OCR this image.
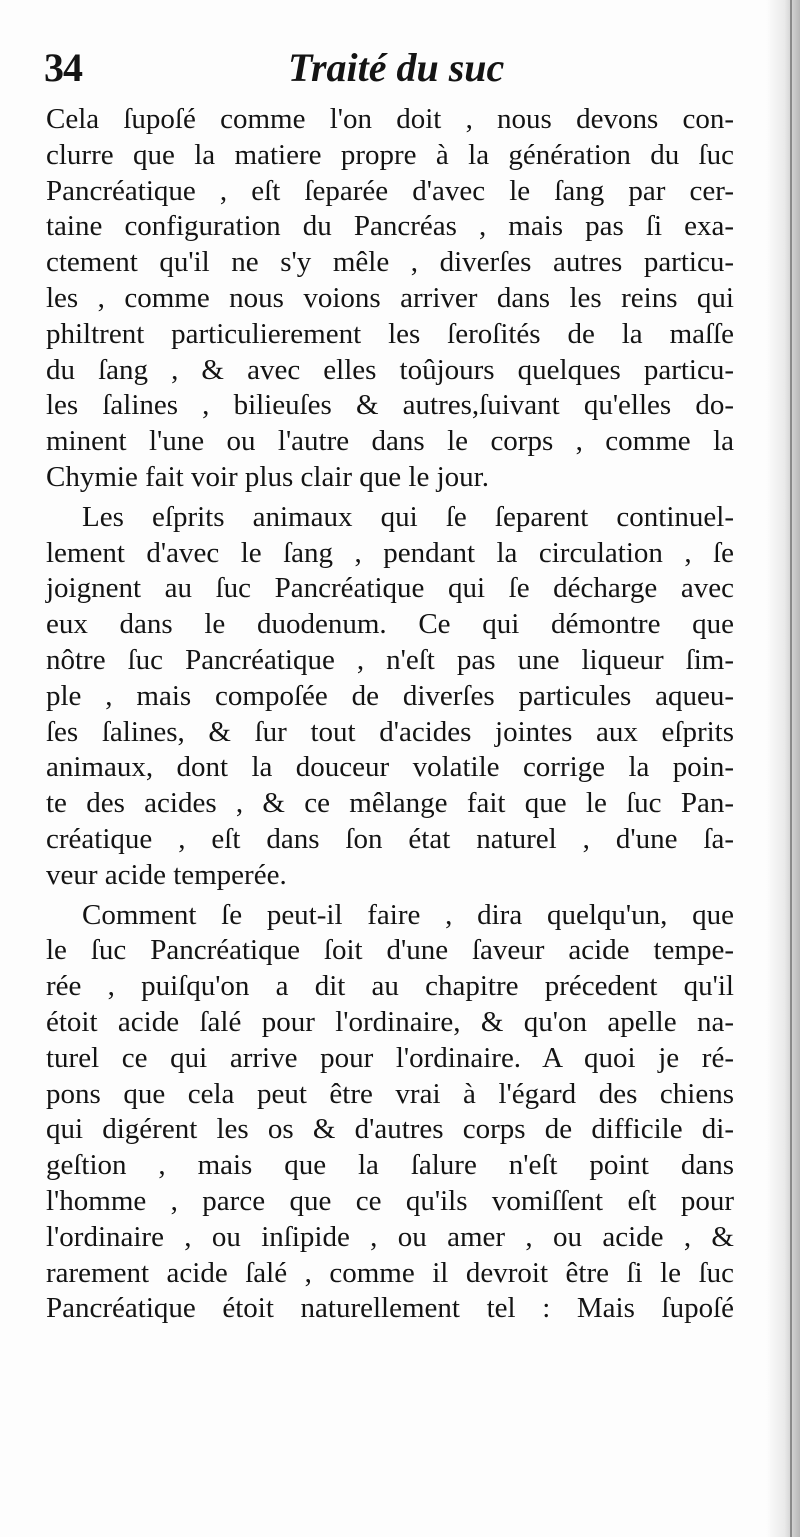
34	Traité du suc
Cela ſupoſé comme l'on doit , nous devons con-
clurre que la matiere propre à la génération du ſuc
Pancréatique , eſt ſeparée d'avec le ſang par cer-
taine configuration du Pancréas , mais pas ſi exa-
ctement qu'il ne s'y mêle , diverſes autres particu-
les , comme nous voions arriver dans les reins qui
philtrent particulierement les ſeroſités de la maſſe
du ſang , & avec elles toûjours quelques particu-
les ſalines , bilieuſes & autres,ſuivant qu'elles do-
minent l'une ou l'autre dans le corps , comme la
Chymie fait voir plus clair que le jour.
Les eſprits animaux qui ſe ſeparent continuel-
lement d'avec le ſang , pendant la circulation , ſe
joignent au ſuc Pancréatique qui ſe décharge avec
eux dans le duodenum. Ce qui démontre que
nôtre ſuc Pancréatique , n'eſt pas une liqueur ſim-
ple , mais compoſée de diverſes particules aqueu-
ſes ſalines, & ſur tout d'acides jointes aux eſprits
animaux, dont la douceur volatile corrige la poin-
te des acides , & ce mêlange fait que le ſuc Pan-
créatique , eſt dans ſon état naturel , d'une ſa-
veur acide temperée.
Comment ſe peut-il faire , dira quelqu'un, que
le ſuc Pancréatique ſoit d'une ſaveur acide tempe-
rée , puiſqu'on a dit au chapitre précedent qu'il
étoit acide ſalé pour l'ordinaire, & qu'on apelle na-
turel ce qui arrive pour l'ordinaire. A quoi je ré-
pons que cela peut être vrai à l'égard des chiens
qui digérent les os & d'autres corps de difficile di-
geſtion , mais que la ſalure n'eſt point dans
l'homme , parce que ce qu'ils vomiſſent eſt pour
l'ordinaire , ou inſipide , ou amer , ou acide , &
rarement acide ſalé , comme il devroit être ſi le ſuc
Pancréatique étoit naturellement tel : Mais ſupoſé
